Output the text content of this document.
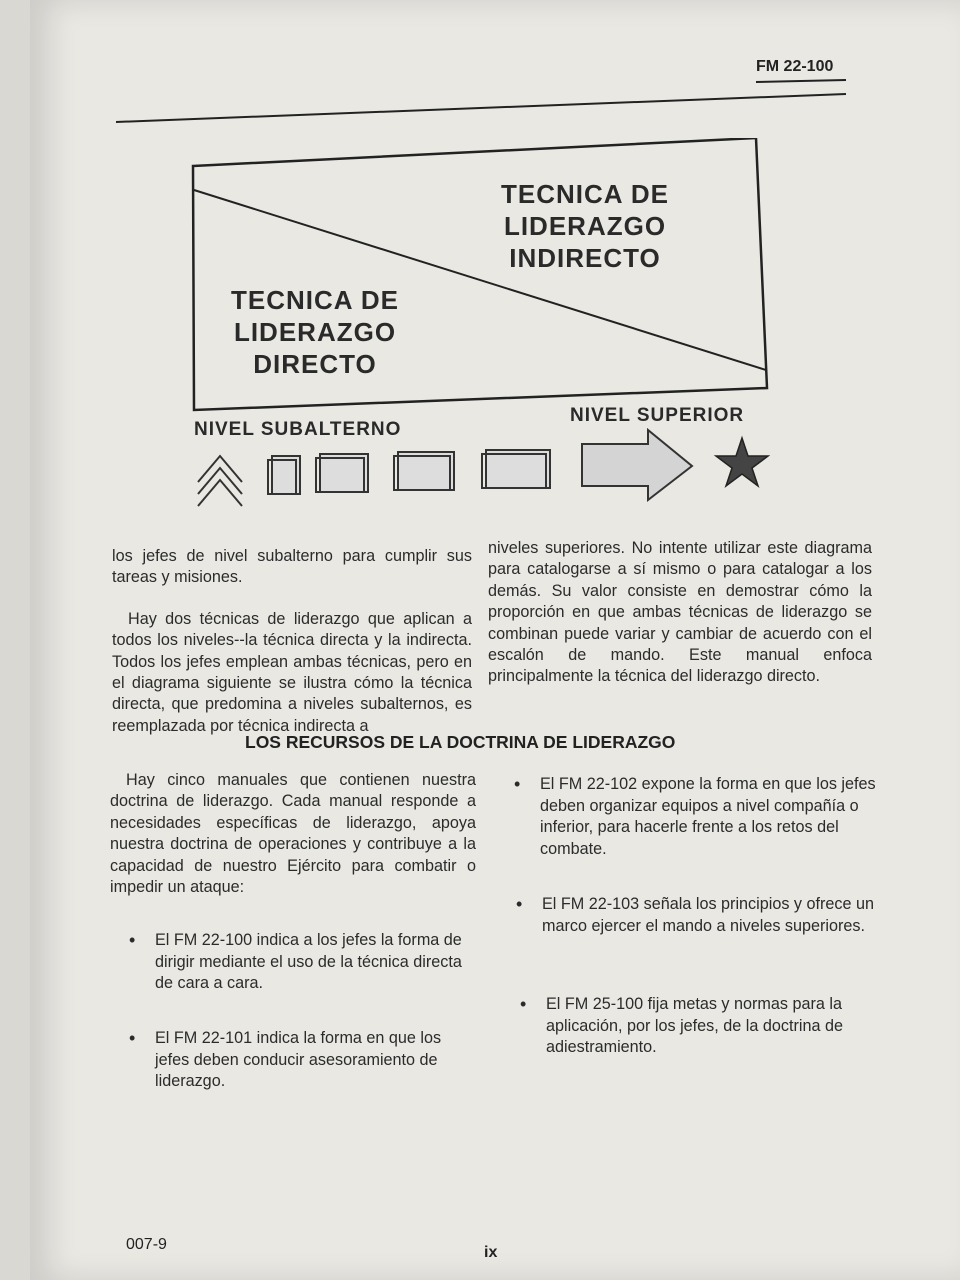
FM 22-100
TECNICA DE
LIDERAZGO
INDIRECTO
TECNICA DE
LIDERAZGO
DIRECTO
NIVEL SUBALTERNO
NIVEL SUPERIOR

los jefes de nivel subalterno para cumplir sus tareas y misiones.

Hay dos técnicas de liderazgo que aplican a todos los niveles--la técnica directa y la indirecta. Todos los jefes emplean ambas técnicas, pero en el diagrama siguiente se ilustra cómo la técnica directa, que predomina a niveles subalternos, es reemplazada por técnica indirecta a

niveles superiores. No intente utilizar este diagrama para catalogarse a sí mismo o para catalogar a los demás. Su valor consiste en demostrar cómo la proporción en que ambas técnicas de liderazgo se combinan puede variar y cambiar de acuerdo con el escalón de mando. Este manual enfoca principalmente la técnica del liderazgo directo.

LOS RECURSOS DE LA DOCTRINA DE LIDERAZGO

Hay cinco manuales que contienen nuestra doctrina de liderazgo. Cada manual responde a necesidades específicas de liderazgo, apoya nuestra doctrina de operaciones y contribuye a la capacidad de nuestro Ejército para combatir o impedir un ataque:

• El FM 22-100 indica a los jefes la forma de dirigir mediante el uso de la técnica directa de cara a cara.
• El FM 22-101 indica la forma en que los jefes deben conducir asesoramiento de liderazgo.
• El FM 22-102 expone la forma en que los jefes deben organizar equipos a nivel compañía o inferior, para hacerle frente a los retos del combate.
• El FM 22-103 señala los principios y ofrece un marco ejercer el mando a niveles superiores.
• El FM 25-100 fija metas y normas para la aplicación, por los jefes, de la doctrina de adiestramiento.
007-9	ix
